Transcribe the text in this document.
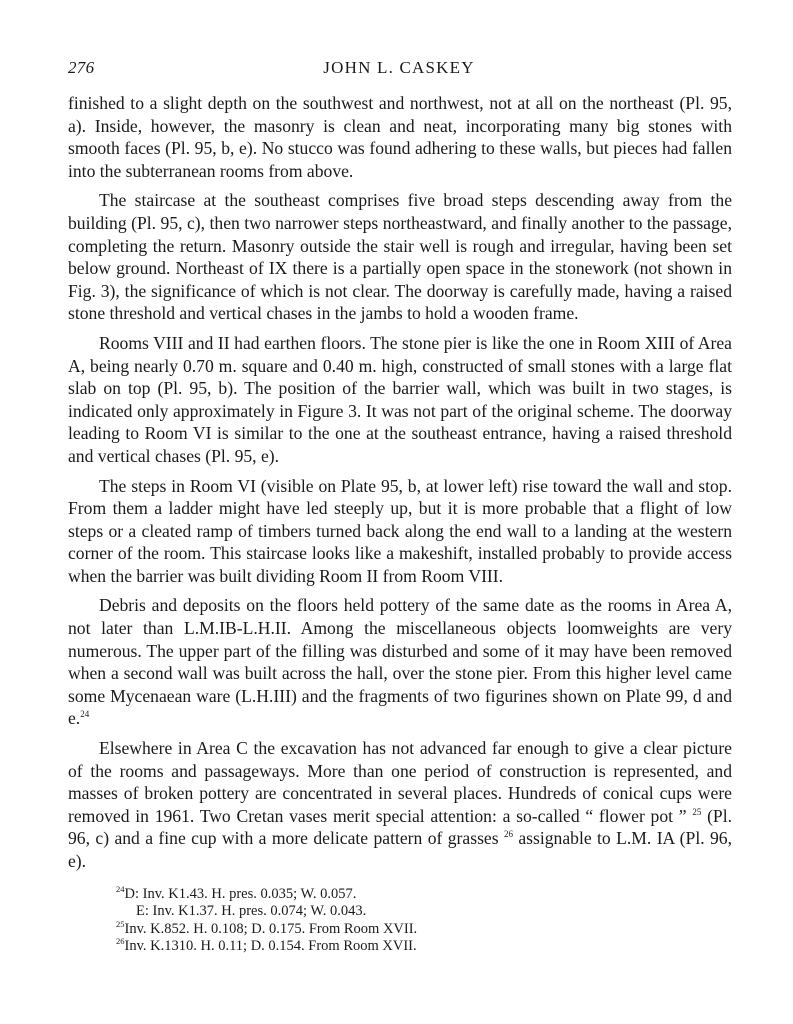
276	JOHN L. CASKEY

finished to a slight depth on the southwest and northwest, not at all on the northeast (Pl. 95, a). Inside, however, the masonry is clean and neat, incorporating many big stones with smooth faces (Pl. 95, b, e). No stucco was found adhering to these walls, but pieces had fallen into the subterranean rooms from above.

The staircase at the southeast comprises five broad steps descending away from the building (Pl. 95, c), then two narrower steps northeastward, and finally another to the passage, completing the return. Masonry outside the stair well is rough and irregular, having been set below ground. Northeast of IX there is a partially open space in the stonework (not shown in Fig. 3), the significance of which is not clear. The doorway is carefully made, having a raised stone threshold and vertical chases in the jambs to hold a wooden frame.

Rooms VIII and II had earthen floors. The stone pier is like the one in Room XIII of Area A, being nearly 0.70 m. square and 0.40 m. high, constructed of small stones with a large flat slab on top (Pl. 95, b). The position of the barrier wall, which was built in two stages, is indicated only approximately in Figure 3. It was not part of the original scheme. The doorway leading to Room VI is similar to the one at the southeast entrance, having a raised threshold and vertical chases (Pl. 95, e).

The steps in Room VI (visible on Plate 95, b, at lower left) rise toward the wall and stop. From them a ladder might have led steeply up, but it is more probable that a flight of low steps or a cleated ramp of timbers turned back along the end wall to a landing at the western corner of the room. This staircase looks like a makeshift, installed probably to provide access when the barrier was built dividing Room II from Room VIII.

Debris and deposits on the floors held pottery of the same date as the rooms in Area A, not later than L.M.IB-L.H.II. Among the miscellaneous objects loomweights are very numerous. The upper part of the filling was disturbed and some of it may have been removed when a second wall was built across the hall, over the stone pier. From this higher level came some Mycenaean ware (L.H.III) and the fragments of two figurines shown on Plate 99, d and e.$^{24}$

Elsewhere in Area C the excavation has not advanced far enough to give a clear picture of the rooms and passageways. More than one period of construction is represented, and masses of broken pottery are concentrated in several places. Hundreds of conical cups were removed in 1961. Two Cretan vases merit special attention: a so-called “ flower pot ” $^{25}$ (Pl. 96, c) and a fine cup with a more delicate pattern of grasses $^{26}$ assignable to L.M. IA (Pl. 96, e).

$^{24}$D: Inv. K1.43. H. pres. 0.035; W. 0.057.
E: Inv. K1.37. H. pres. 0.074; W. 0.043.
$^{25}$Inv. K.852. H. 0.108; D. 0.175. From Room XVII.
$^{26}$Inv. K.1310. H. 0.11; D. 0.154. From Room XVII.
